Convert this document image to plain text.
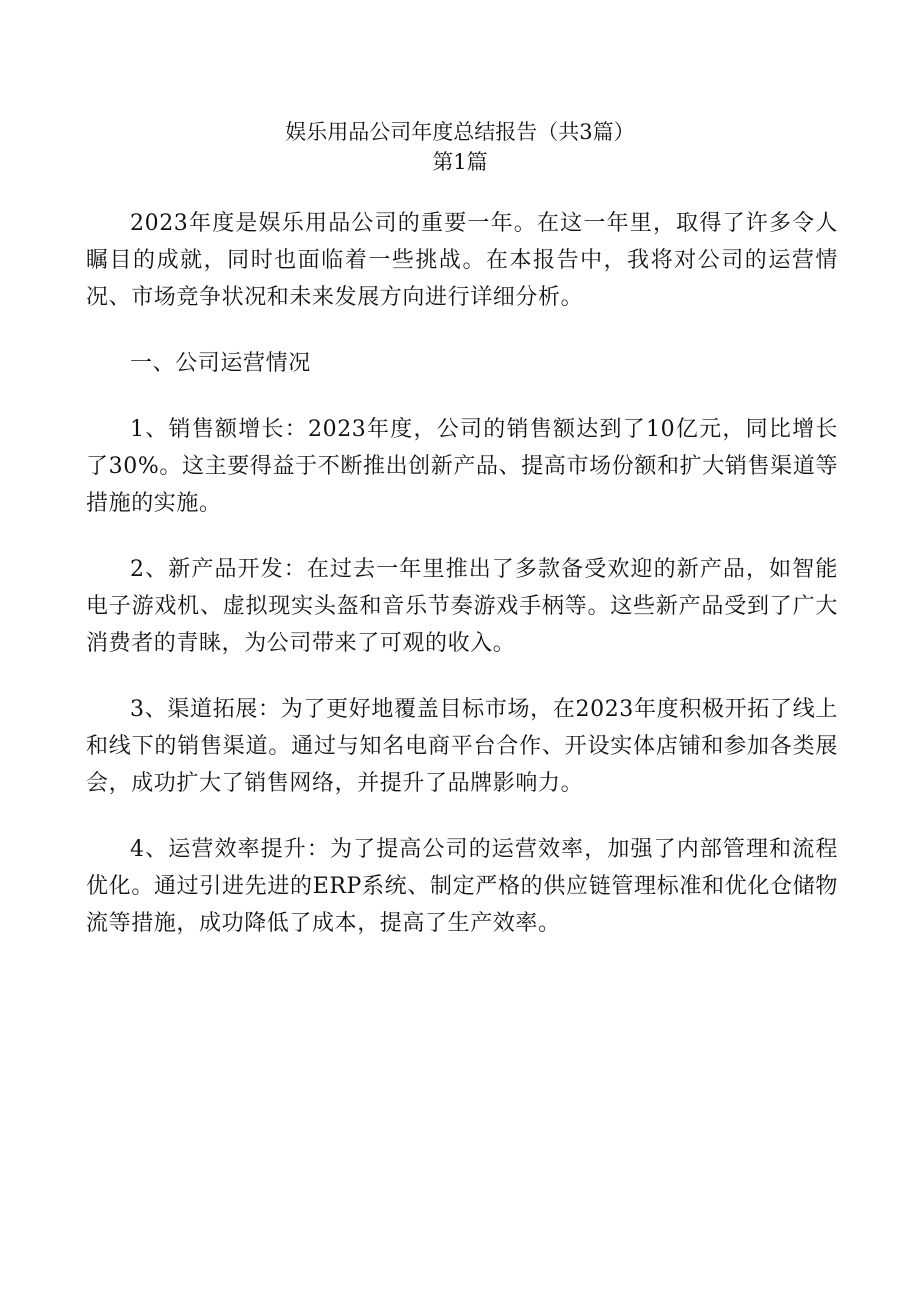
娱乐用品公司年度总结报告（共3篇）
第1篇

2023年度是娱乐用品公司的重要一年。在这一年里，取得了许多令人瞩目的成就，同时也面临着一些挑战。在本报告中，我将对公司的运营情况、市场竞争状况和未来发展方向进行详细分析。

一、公司运营情况

1、销售额增长：2023年度，公司的销售额达到了10亿元，同比增长了30%。这主要得益于不断推出创新产品、提高市场份额和扩大销售渠道等措施的实施。

2、新产品开发：在过去一年里推出了多款备受欢迎的新产品，如智能电子游戏机、虚拟现实头盔和音乐节奏游戏手柄等。这些新产品受到了广大消费者的青睐，为公司带来了可观的收入。

3、渠道拓展：为了更好地覆盖目标市场，在2023年度积极开拓了线上和线下的销售渠道。通过与知名电商平台合作、开设实体店铺和参加各类展会，成功扩大了销售网络，并提升了品牌影响力。

4、运营效率提升：为了提高公司的运营效率，加强了内部管理和流程优化。通过引进先进的ERP系统、制定严格的供应链管理标准和优化仓储物流等措施，成功降低了成本，提高了生产效率。
